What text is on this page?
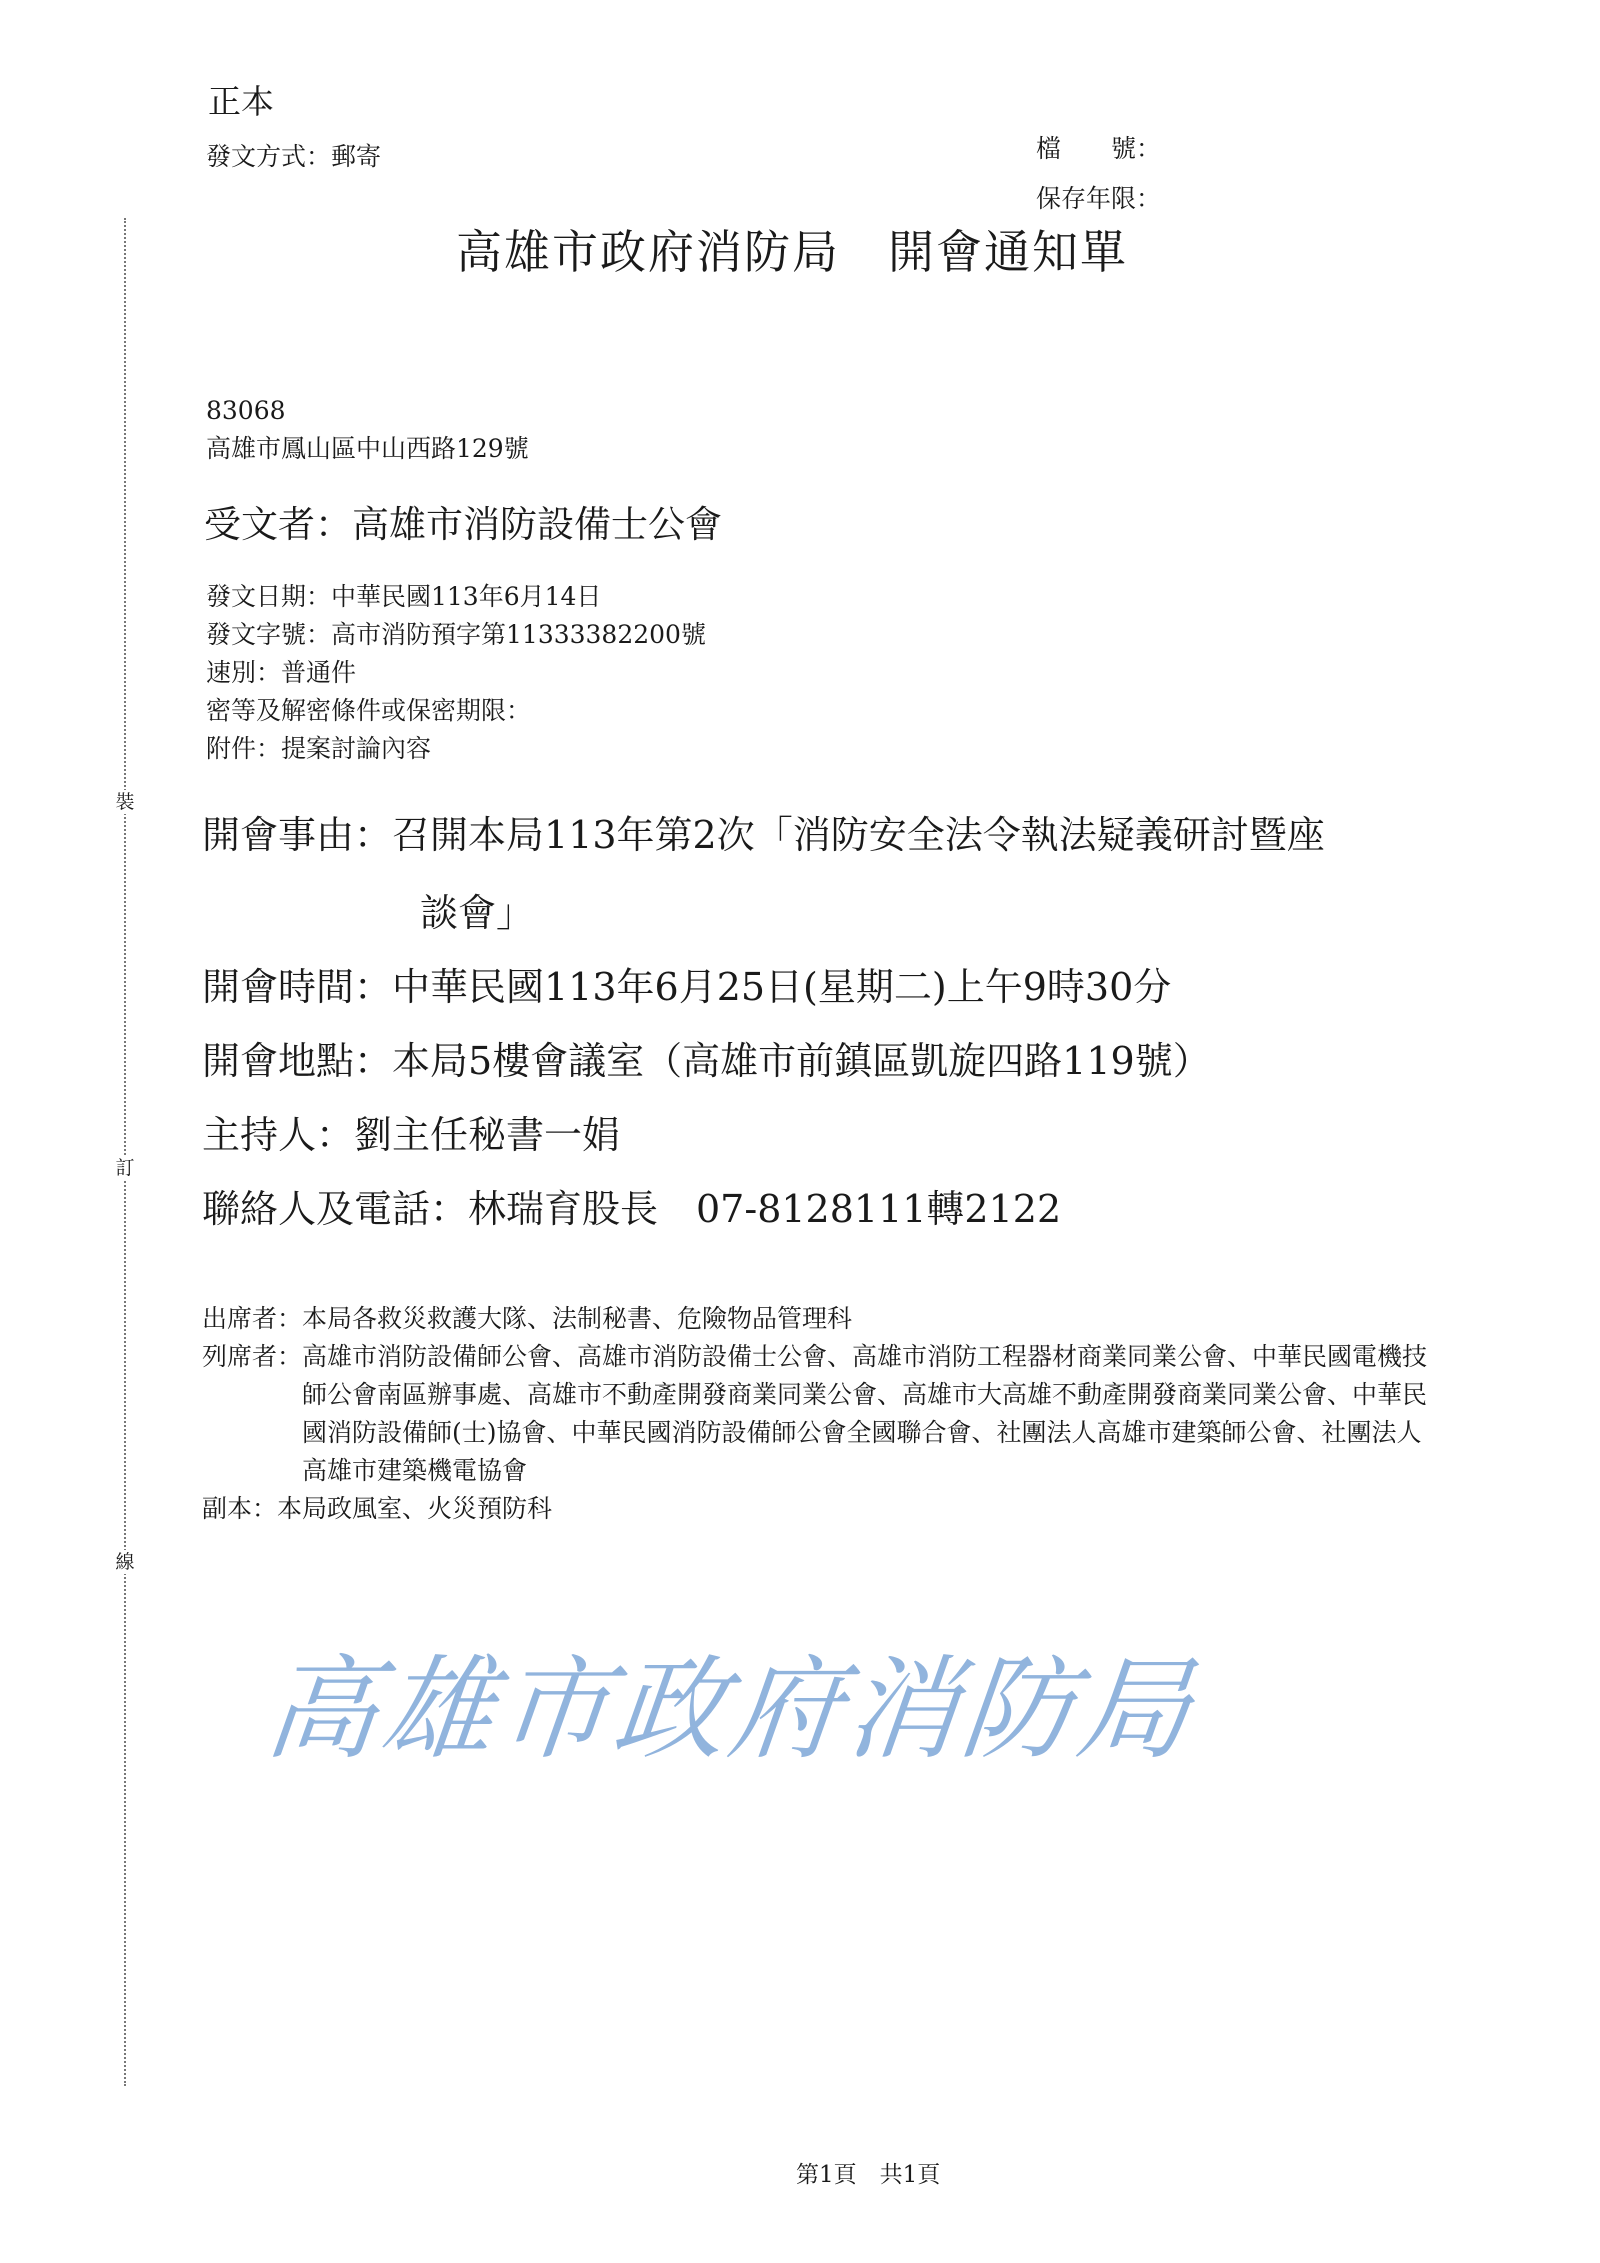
裝
訂
線
正本
發文方式：郵寄	檔　　號：
保存年限：
高雄市政府消防局　開會通知單
83068
高雄市鳳山區中山西路129號
受文者：高雄市消防設備士公會
發文日期：中華民國113年6月14日
發文字號：高市消防預字第11333382200號
速別：普通件
密等及解密條件或保密期限：
附件：提案討論內容
開會事由：召開本局113年第2次「消防安全法令執法疑義研討暨座
談會」
開會時間：中華民國113年6月25日(星期二)上午9時30分
開會地點：本局5樓會議室（高雄市前鎮區凱旋四路119號）
主持人：劉主任秘書一娟
聯絡人及電話：林瑞育股長　07-8128111轉2122
出席者： 本局各救災救護大隊、法制秘書、危險物品管理科
列席者： 高雄市消防設備師公會、高雄市消防設備士公會、高雄市消防工程器材商業同業公會、中華民國電機技師公會南區辦事處、高雄市不動產開發商業同業公會、高雄市大高雄不動產開發商業同業公會、中華民國消防設備師(士)協會、中華民國消防設備師公會全國聯合會、社團法人高雄市建築師公會、社團法人高雄市建築機電協會
副本： 本局政風室、火災預防科
高雄市政府消防局
第1頁　共1頁
